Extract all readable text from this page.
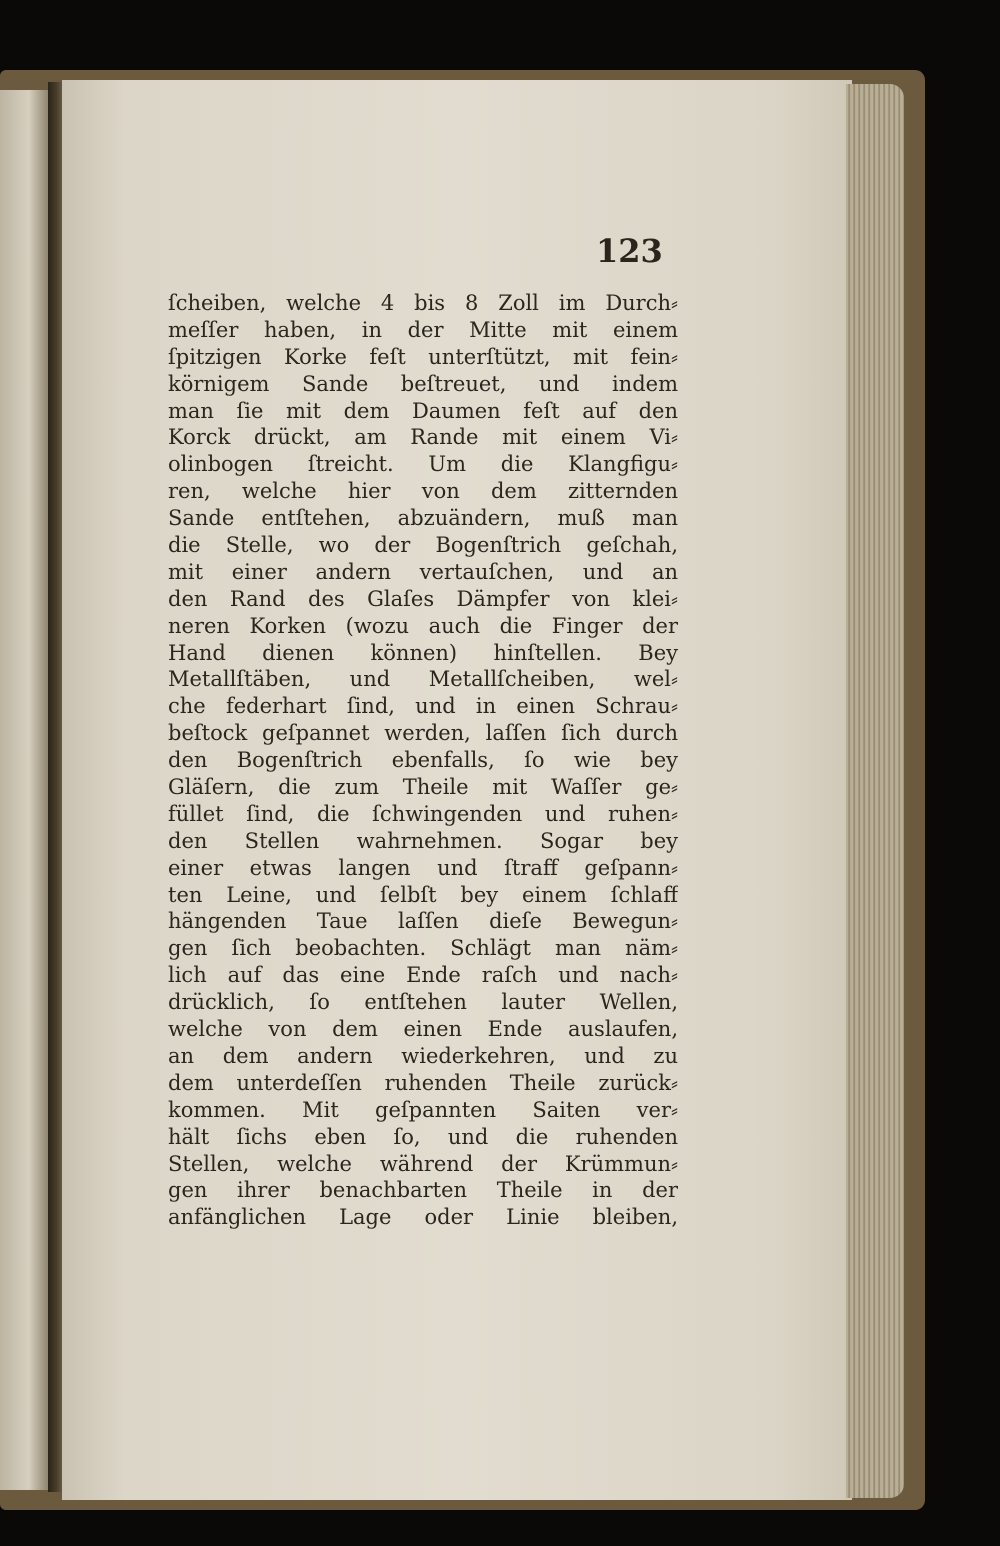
123
ſcheiben, welche 4 bis 8 Zoll im Durch⸗
meſſer haben, in der Mitte mit einem
ſpitzigen Korke feſt unterſtützt, mit fein⸗
körnigem Sande beſtreuet, und indem
man ſie mit dem Daumen feſt auf den
Korck drückt, am Rande mit einem Vi⸗
olinbogen ſtreicht. Um die Klangfigu⸗
ren, welche hier von dem zitternden
Sande entſtehen, abzuändern, muß man
die Stelle, wo der Bogenſtrich geſchah,
mit einer andern vertauſchen, und an
den Rand des Glaſes Dämpfer von klei⸗
neren Korken (wozu auch die Finger der
Hand dienen können) hinſtellen. Bey
Metallſtäben, und Metallſcheiben, wel⸗
che federhart ſind, und in einen Schrau⸗
beſtock geſpannet werden, laſſen ſich durch
den Bogenſtrich ebenfalls, ſo wie bey
Gläſern, die zum Theile mit Waſſer ge⸗
füllet ſind, die ſchwingenden und ruhen⸗
den Stellen wahrnehmen. Sogar bey
einer etwas langen und ſtraff geſpann⸗
ten Leine, und ſelbſt bey einem ſchlaff
hängenden Taue laſſen dieſe Bewegun⸗
gen ſich beobachten. Schlägt man näm⸗
lich auf das eine Ende raſch und nach⸗
drücklich, ſo entſtehen lauter Wellen,
welche von dem einen Ende auslaufen,
an dem andern wiederkehren, und zu
dem unterdeſſen ruhenden Theile zurück⸗
kommen. Mit geſpannten Saiten ver⸗
hält ſichs eben ſo, und die ruhenden
Stellen, welche während der Krümmun⸗
gen ihrer benachbarten Theile in der
anfänglichen Lage oder Linie bleiben,
